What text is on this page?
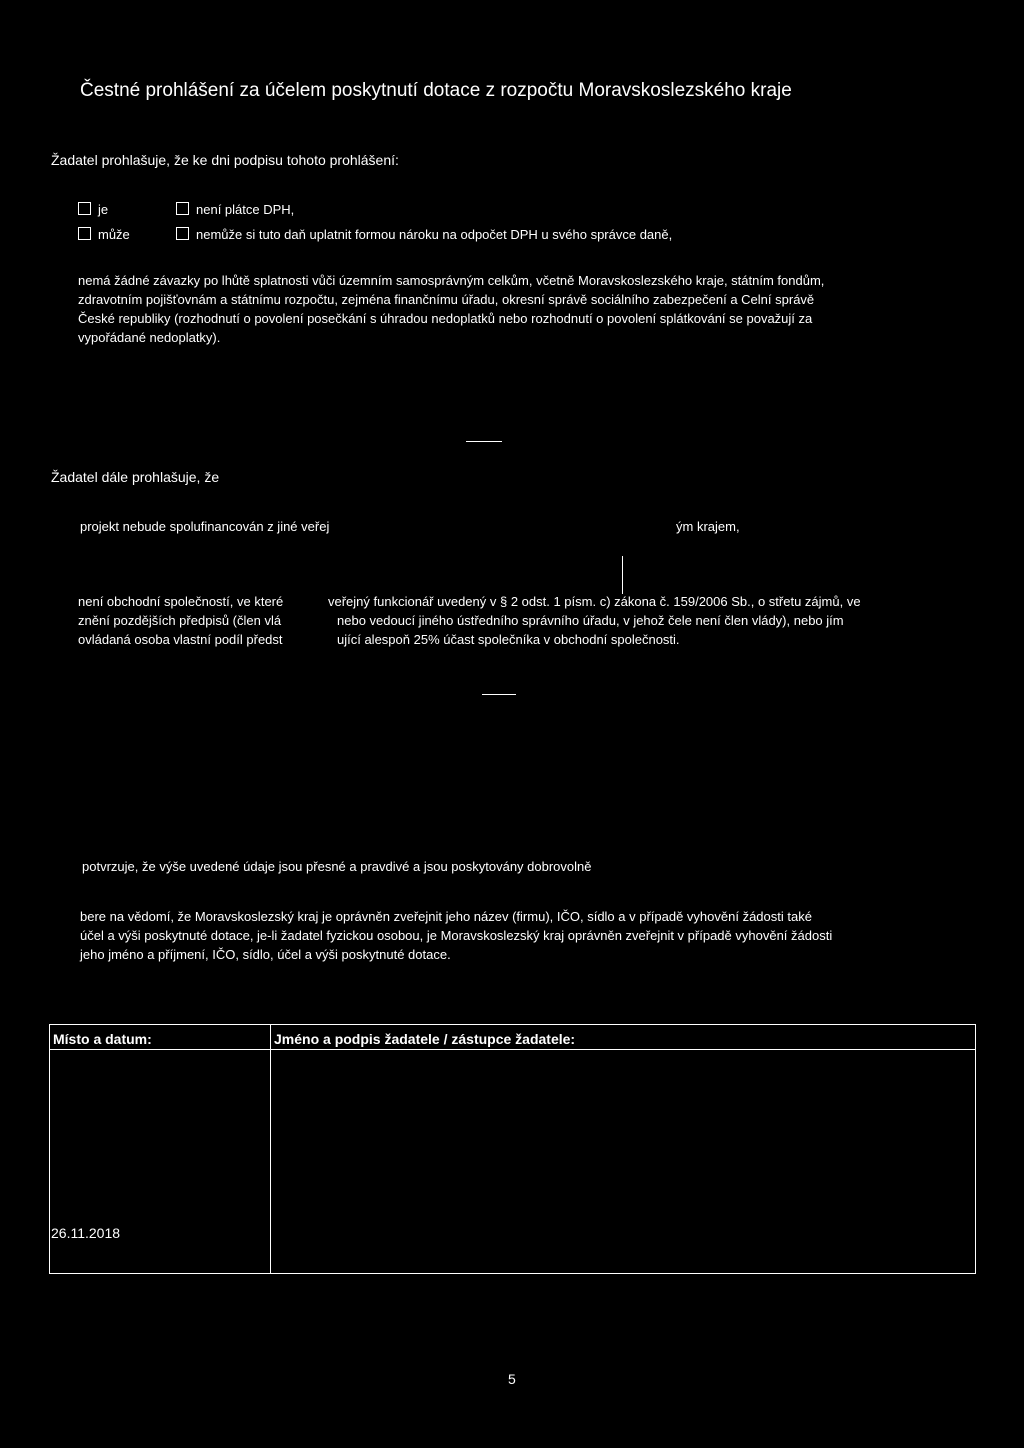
Čestné prohlášení za účelem poskytnutí dotace z rozpočtu Moravskoslezského kraje
Žadatel prohlašuje, že ke dni podpisu tohoto prohlášení:
je	není plátce DPH,
může	nemůže si tuto daň uplatnit formou nároku na odpočet DPH u svého správce daně,
nemá žádné závazky po lhůtě splatnosti vůči územním samosprávným celkům, včetně Moravskoslezského kraje, státním fondům,
zdravotním pojišťovnám a státnímu rozpočtu, zejména finančnímu úřadu, okresní správě sociálního zabezpečení a Celní správě
České republiky (rozhodnutí o povolení posečkání s úhradou nedoplatků nebo rozhodnutí o povolení splátkování se považují za
vypořádané nedoplatky).
Žadatel dále prohlašuje, že
projekt nebude spolufinancován z jiné veřej	ým krajem,
není obchodní společností, ve které
znění pozdějších předpisů (člen vlá
ovládaná osoba vlastní podíl předst
veřejný funkcionář uvedený v § 2 odst. 1 písm. c) zákona č. 159/2006 Sb., o střetu zájmů, ve
nebo vedoucí jiného ústředního správního úřadu, v jehož čele není člen vlády), nebo jím
ující alespoň 25% účast společníka v obchodní společnosti.
potvrzuje, že výše uvedené údaje jsou přesné a pravdivé a jsou poskytovány dobrovolně
bere na vědomí, že Moravskoslezský kraj je oprávněn zveřejnit jeho název (firmu), IČO, sídlo a v případě vyhovění žádosti také
účel a výši poskytnuté dotace, je-li žadatel fyzickou osobou, je Moravskoslezský kraj oprávněn zveřejnit v případě vyhovění žádosti
jeho jméno a příjmení, IČO, sídlo, účel a výši poskytnuté dotace.
Místo a datum:	Jméno a podpis žadatele / zástupce žadatele:

26.11.2018
5
